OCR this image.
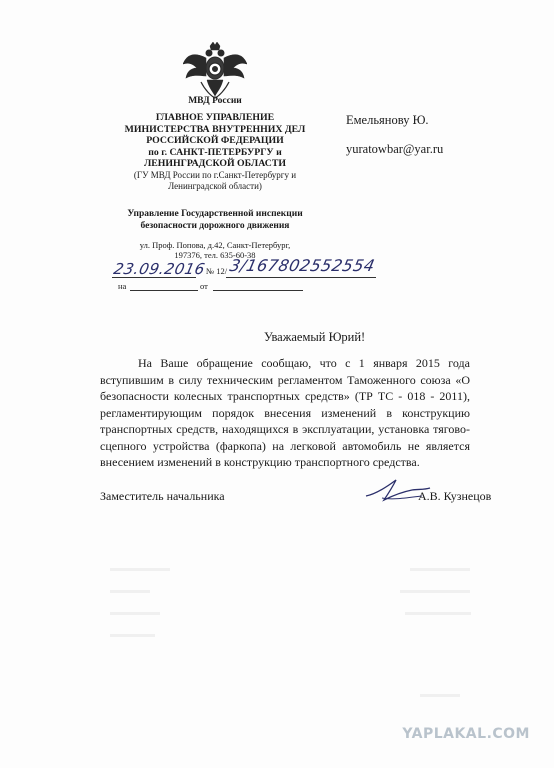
МВД России
ГЛАВНОЕ УПРАВЛЕНИЕ
МИНИСТЕРСТВА ВНУТРЕННИХ ДЕЛ
РОССИЙСКОЙ ФЕДЕРАЦИИ
по г. САНКТ-ПЕТЕРБУРГУ и
ЛЕНИНГРАДСКОЙ ОБЛАСТИ
(ГУ МВД России по г.Санкт-Петербургу и
Ленинградской области)
Управление Государственной инспекции
безопасности дорожного движения
ул. Проф. Попова, д.42, Санкт-Петербург,
197376, тел. 635-60-38
23.09.2016 № 12/ 3/167802552554
на	от
Емельянову Ю.
yuratowbar@yar.ru
Уважаемый Юрий!
На Ваше обращение сообщаю, что с 1 января 2015 года вступившим в силу техническим регламентом Таможенного союза «О безопасности колесных транспортных средств» (ТР ТС - 018 - 2011), регламентирующим порядок внесения изменений в конструкцию транспортных средств, находящихся в эксплуатации, установка тягово-сцепного устройства (фаркопа) на легковой автомобиль не является внесением изменений в конструкцию транспортного средства.
Заместитель начальника	А.В. Кузнецов
YAPLAKAL.COM
